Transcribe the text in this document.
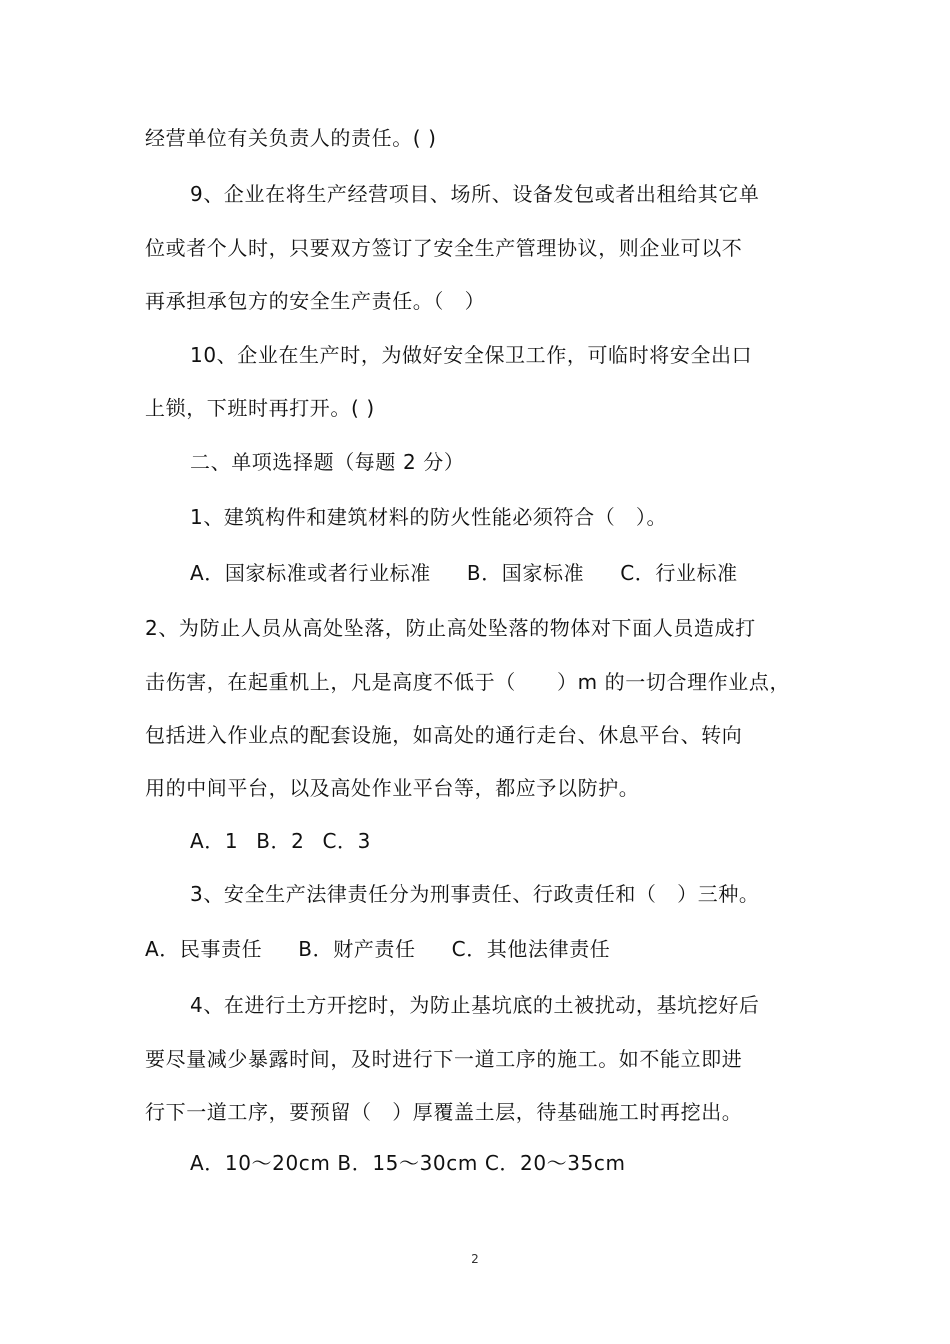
经营单位有关负责人的责任。( )
9、企业在将生产经营项目、场所、设备发包或者出租给其它单
位或者个人时，只要双方签订了安全生产管理协议，则企业可以不
再承担承包方的安全生产责任。（　）
10、企业在生产时，为做好安全保卫工作，可临时将安全出口
上锁，下班时再打开。( )
二、单项选择题（每题 2 分）
1、建筑构件和建筑材料的防火性能必须符合（　）。
A．国家标准或者行业标准 B．国家标准 C．行业标准
2、为防止人员从高处坠落，防止高处坠落的物体对下面人员造成打
击伤害，在起重机上，凡是高度不低于（　　）m 的一切合理作业点，
包括进入作业点的配套设施，如高处的通行走台、休息平台、转向
用的中间平台，以及高处作业平台等，都应予以防护。
A．1 B．2 C．3
3、安全生产法律责任分为刑事责任、行政责任和（　）三种。
A．民事责任 B．财产责任 C．其他法律责任
4、在进行土方开挖时，为防止基坑底的土被扰动，基坑挖好后
要尽量减少暴露时间，及时进行下一道工序的施工。如不能立即进
行下一道工序，要预留（　）厚覆盖土层，待基础施工时再挖出。
A．10～20cm B．15～30cm C．20～35cm
2
